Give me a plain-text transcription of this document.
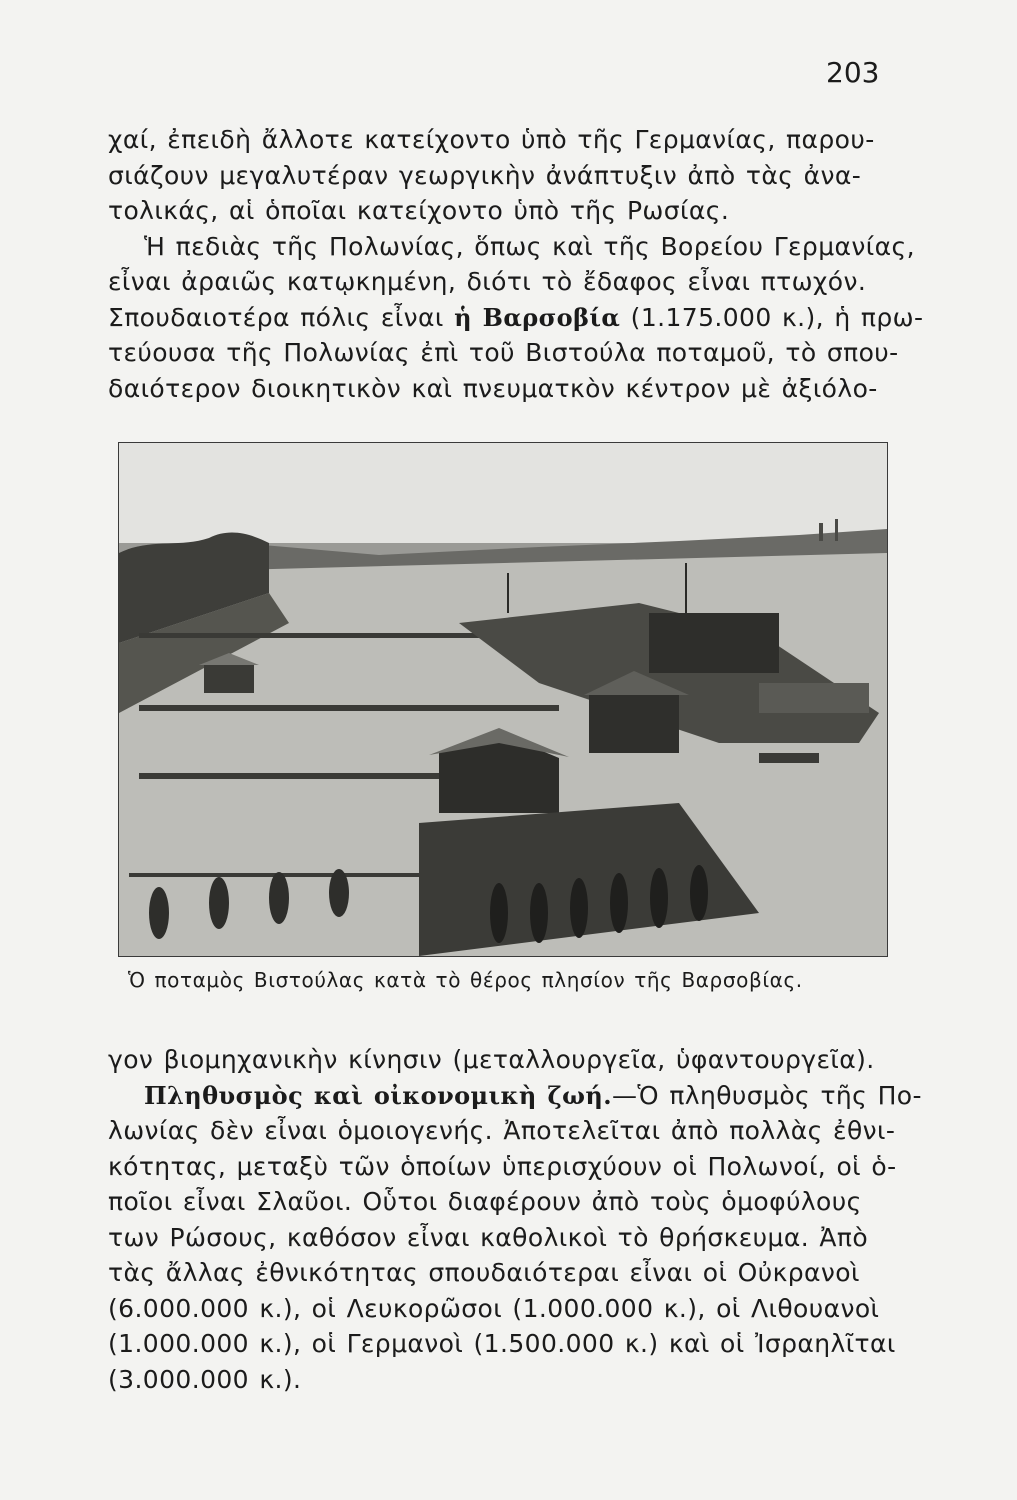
203
χαί, ἐπειδὴ ἄλλοτε κατείχοντο ὑπὸ τῆς Γερμανίας, παρου-
σιάζουν μεγαλυτέραν γεωργικὴν ἀνάπτυξιν ἀπὸ τὰς ἀνα-
τολικάς, αἱ ὁποῖαι κατείχοντο ὑπὸ τῆς Ρωσίας.
Ἡ πεδιὰς τῆς Πολωνίας, ὅπως καὶ τῆς Βορείου Γερμανίας,
εἶναι ἀραιῶς κατῳκημένη, διότι τὸ ἔδαφος εἶναι πτωχόν.
Σπουδαιοτέρα πόλις εἶναι ἡ Βαρσοβία (1.175.000 κ.), ἡ πρω-
τεύουσα τῆς Πολωνίας ἐπὶ τοῦ Βιστούλα ποταμοῦ, τὸ σπου-
δαιότερον διοικητικὸν καὶ πνευματκὸν κέντρον μὲ ἀξιόλο-
Ὁ ποταμὸς Βιστούλας κατὰ τὸ θέρος πλησίον τῆς Βαρσοβίας.
γον βιομηχανικὴν κίνησιν (μεταλλουργεῖα, ὑφαντουργεῖα).
Πληθυσμὸς καὶ οἰκονομικὴ ζωή.—Ὁ πληθυσμὸς τῆς Πο-
λωνίας δὲν εἶναι ὁμοιογενής. Ἀποτελεῖται ἀπὸ πολλὰς ἐθνι-
κότητας, μεταξὺ τῶν ὁποίων ὑπερισχύουν οἱ Πολωνοί, οἱ ὁ-
ποῖοι εἶναι Σλαῦοι. Οὗτοι διαφέρουν ἀπὸ τοὺς ὁμοφύλους
των Ρώσους, καθόσον εἶναι καθολικοὶ τὸ θρήσκευμα. Ἀπὸ
τὰς ἄλλας ἐθνικότητας σπουδαιότεραι εἶναι οἱ Οὐκρανοὶ
(6.000.000 κ.), οἱ Λευκορῶσοι (1.000.000 κ.), οἱ Λιθουανοὶ
(1.000.000 κ.), οἱ Γερμανοὶ (1.500.000 κ.) καὶ οἱ Ἰσραηλῖται
(3.000.000 κ.).
